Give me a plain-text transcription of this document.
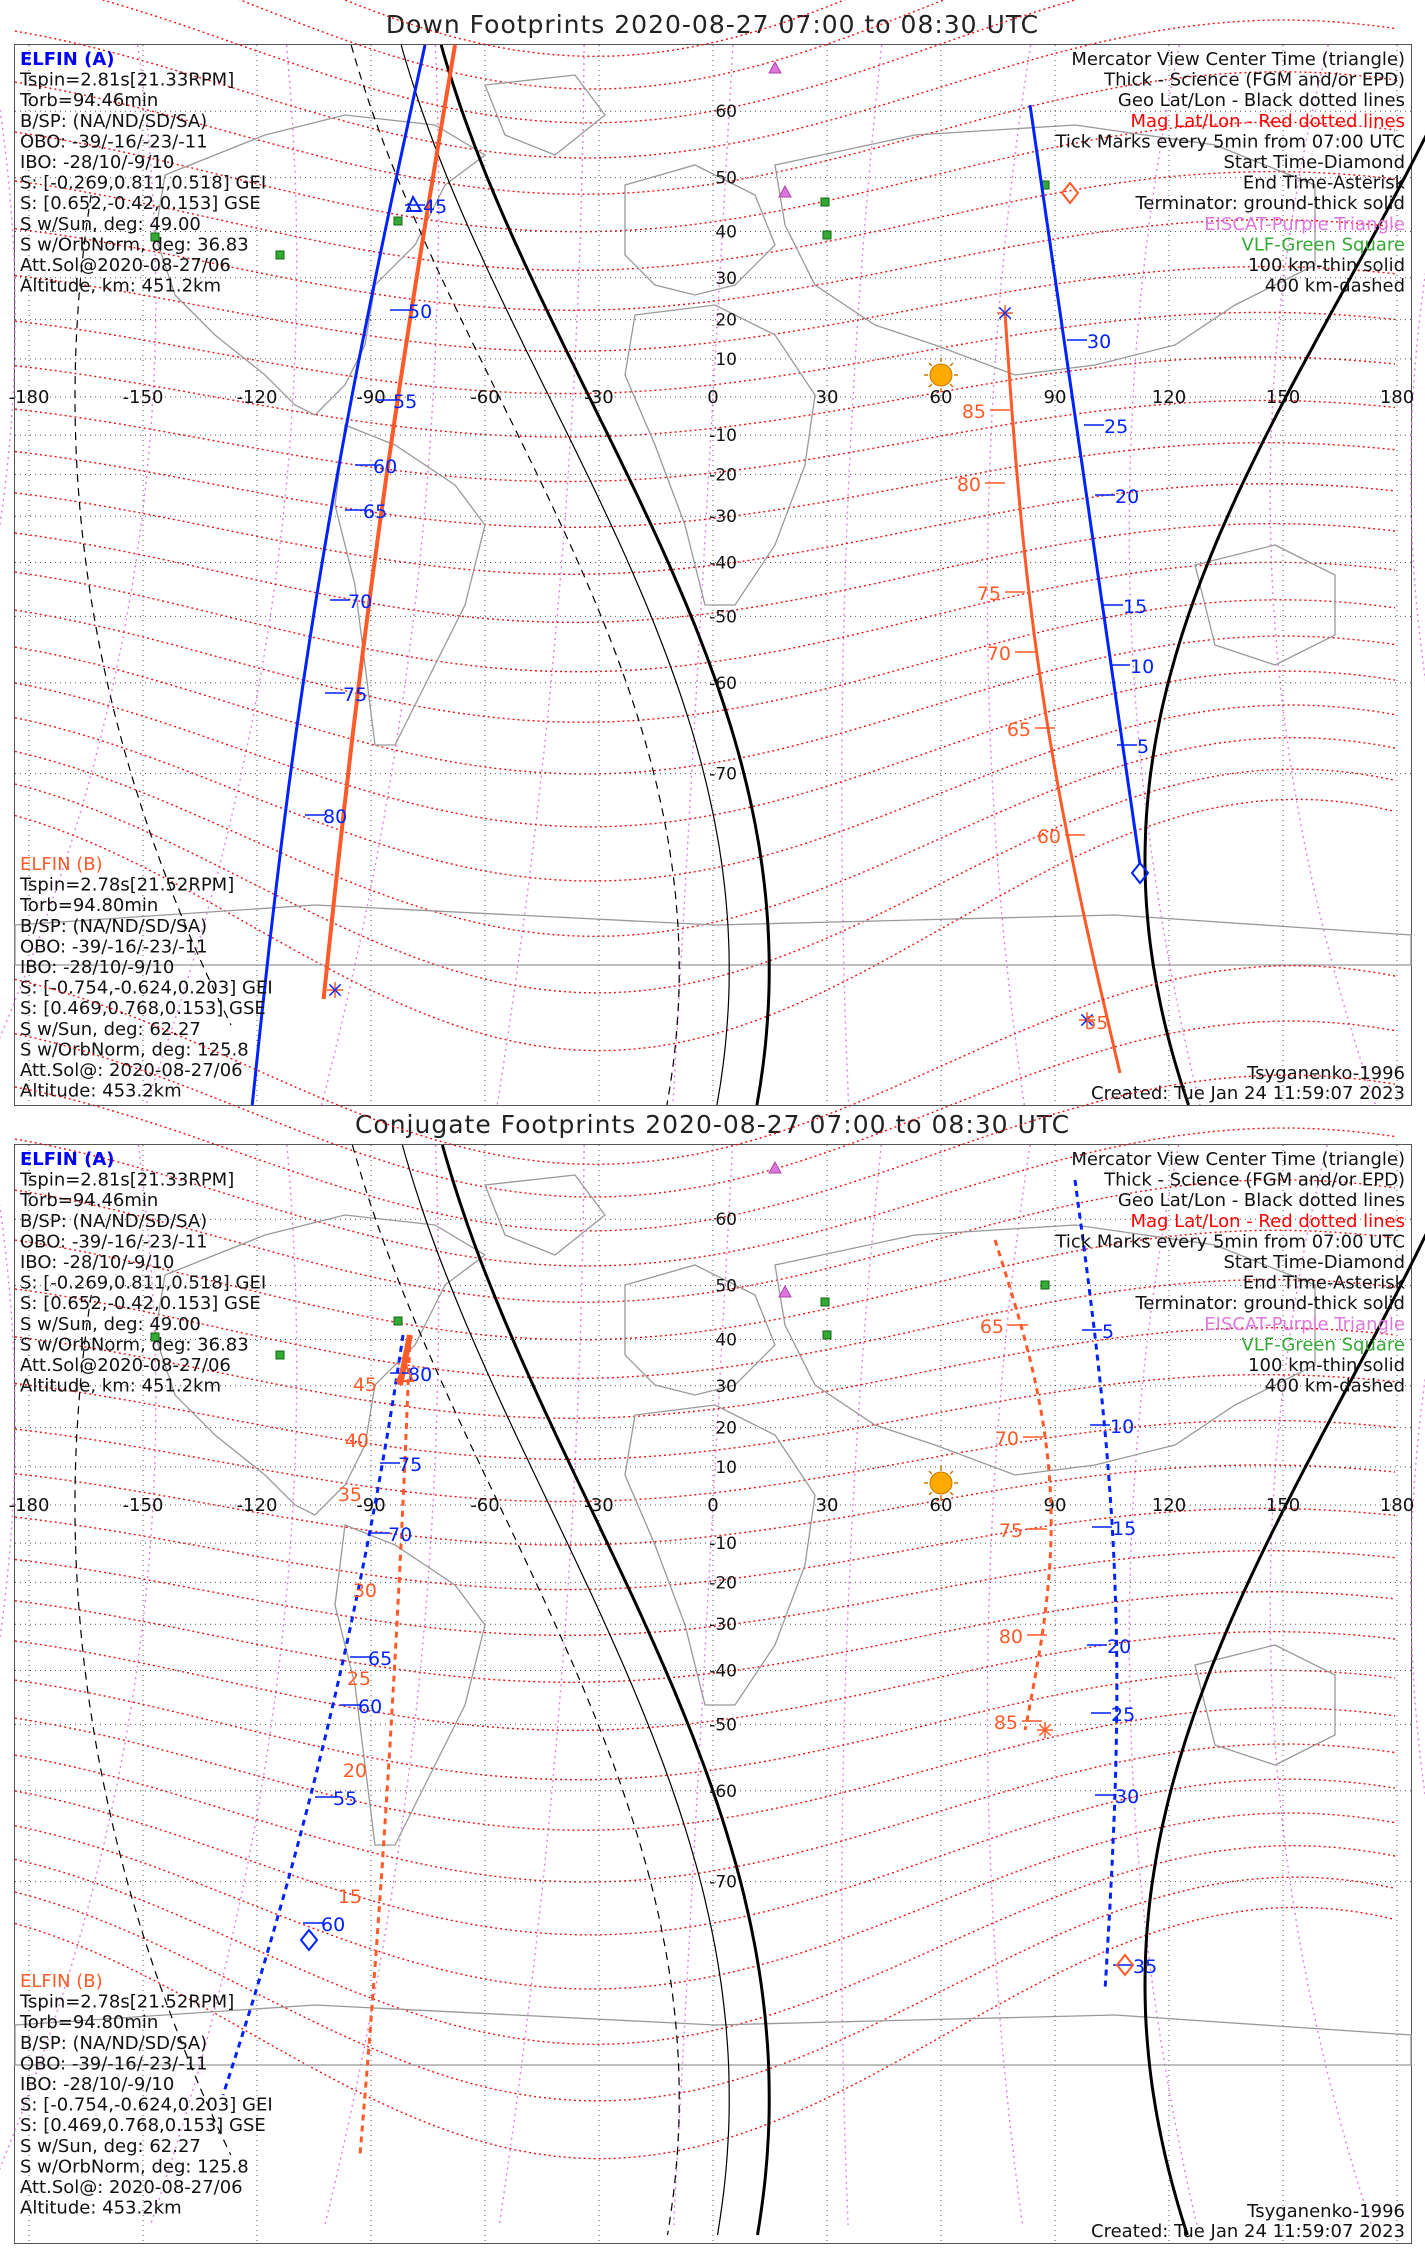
Down Footprints 2020-08-27 07:00 to 08:30 UTC
-180	-150	-120	-90	-60	-30	0	30	60	90	120	150	180
60
50
40
30
20
10
-10
-20
-30
-40
-50
-60
-70
45
50
55
60
65
70
75
80
30
25
20
15
10
5
85
80
75
70
65
60
55
ELFIN (A)
Tspin=2.81s[21.33RPM]
Torb=94.46min
B/SP: (NA/ND/SD/SA)
OBO: -39/-16/-23/-11
IBO: -28/10/-9/10
S: [-0.269,0.811,0.518] GEI
S: [0.652,-0.42,0.153] GSE
S w/Sun, deg: 49.00
S w/OrbNorm, deg: 36.83
Att.Sol@2020-08-27/06
Altitude, km: 451.2km
ELFIN (B)
Tspin=2.78s[21.52RPM]
Torb=94.80min
B/SP: (NA/ND/SD/SA)
OBO: -39/-16/-23/-11
IBO: -28/10/-9/10
S: [-0.754,-0.624,0.203] GEI
S: [0.469,0.768,0.153] GSE
S w/Sun, deg: 62.27
S w/OrbNorm, deg: 125.8
Att.Sol@: 2020-08-27/06
Altitude: 453.2km
Mercator View Center Time (triangle)
Thick - Science (FGM and/or EPD)
Geo Lat/Lon - Black dotted lines
Mag Lat/Lon - Red dotted lines
Tick Marks every 5min from 07:00 UTC
Start Time-Diamond
End Time-Asterisk
Terminator: ground-thick solid
EISCAT-Purple Triangle
VLF-Green Square
100 km-thin solid
400 km-dashed
Tsyganenko-1996
Created: Tue Jan 24 11:59:07 2023
Conjugate Footprints 2020-08-27 07:00 to 08:30 UTC
-180	-150	-120	-90	-60	-30	0	30	60	90	120	150	180
60
50
40
30
20
10
-10
-20
-30
-40
-50
-60
-70
80
75
70
65
60
55
60
45
40
35
30
25
20
15
5
10
15
20
25
30
35
65
70
75
80
85
ELFIN (A)
Tspin=2.81s[21.33RPM]
Torb=94.46min
B/SP: (NA/ND/SD/SA)
OBO: -39/-16/-23/-11
IBO: -28/10/-9/10
S: [-0.269,0.811,0.518] GEI
S: [0.652,-0.42,0.153] GSE
S w/Sun, deg: 49.00
S w/OrbNorm, deg: 36.83
Att.Sol@2020-08-27/06
Altitude, km: 451.2km
ELFIN (B)
Tspin=2.78s[21.52RPM]
Torb=94.80min
B/SP: (NA/ND/SD/SA)
OBO: -39/-16/-23/-11
IBO: -28/10/-9/10
S: [-0.754,-0.624,0.203] GEI
S: [0.469,0.768,0.153] GSE
S w/Sun, deg: 62.27
S w/OrbNorm, deg: 125.8
Att.Sol@: 2020-08-27/06
Altitude: 453.2km
Mercator View Center Time (triangle)
Thick - Science (FGM and/or EPD)
Geo Lat/Lon - Black dotted lines
Mag Lat/Lon - Red dotted lines
Tick Marks every 5min from 07:00 UTC
Start Time-Diamond
End Time-Asterisk
Terminator: ground-thick solid
EISCAT-Purple Triangle
VLF-Green Square
100 km-thin solid
400 km-dashed
Tsyganenko-1996
Created: Tue Jan 24 11:59:07 2023
